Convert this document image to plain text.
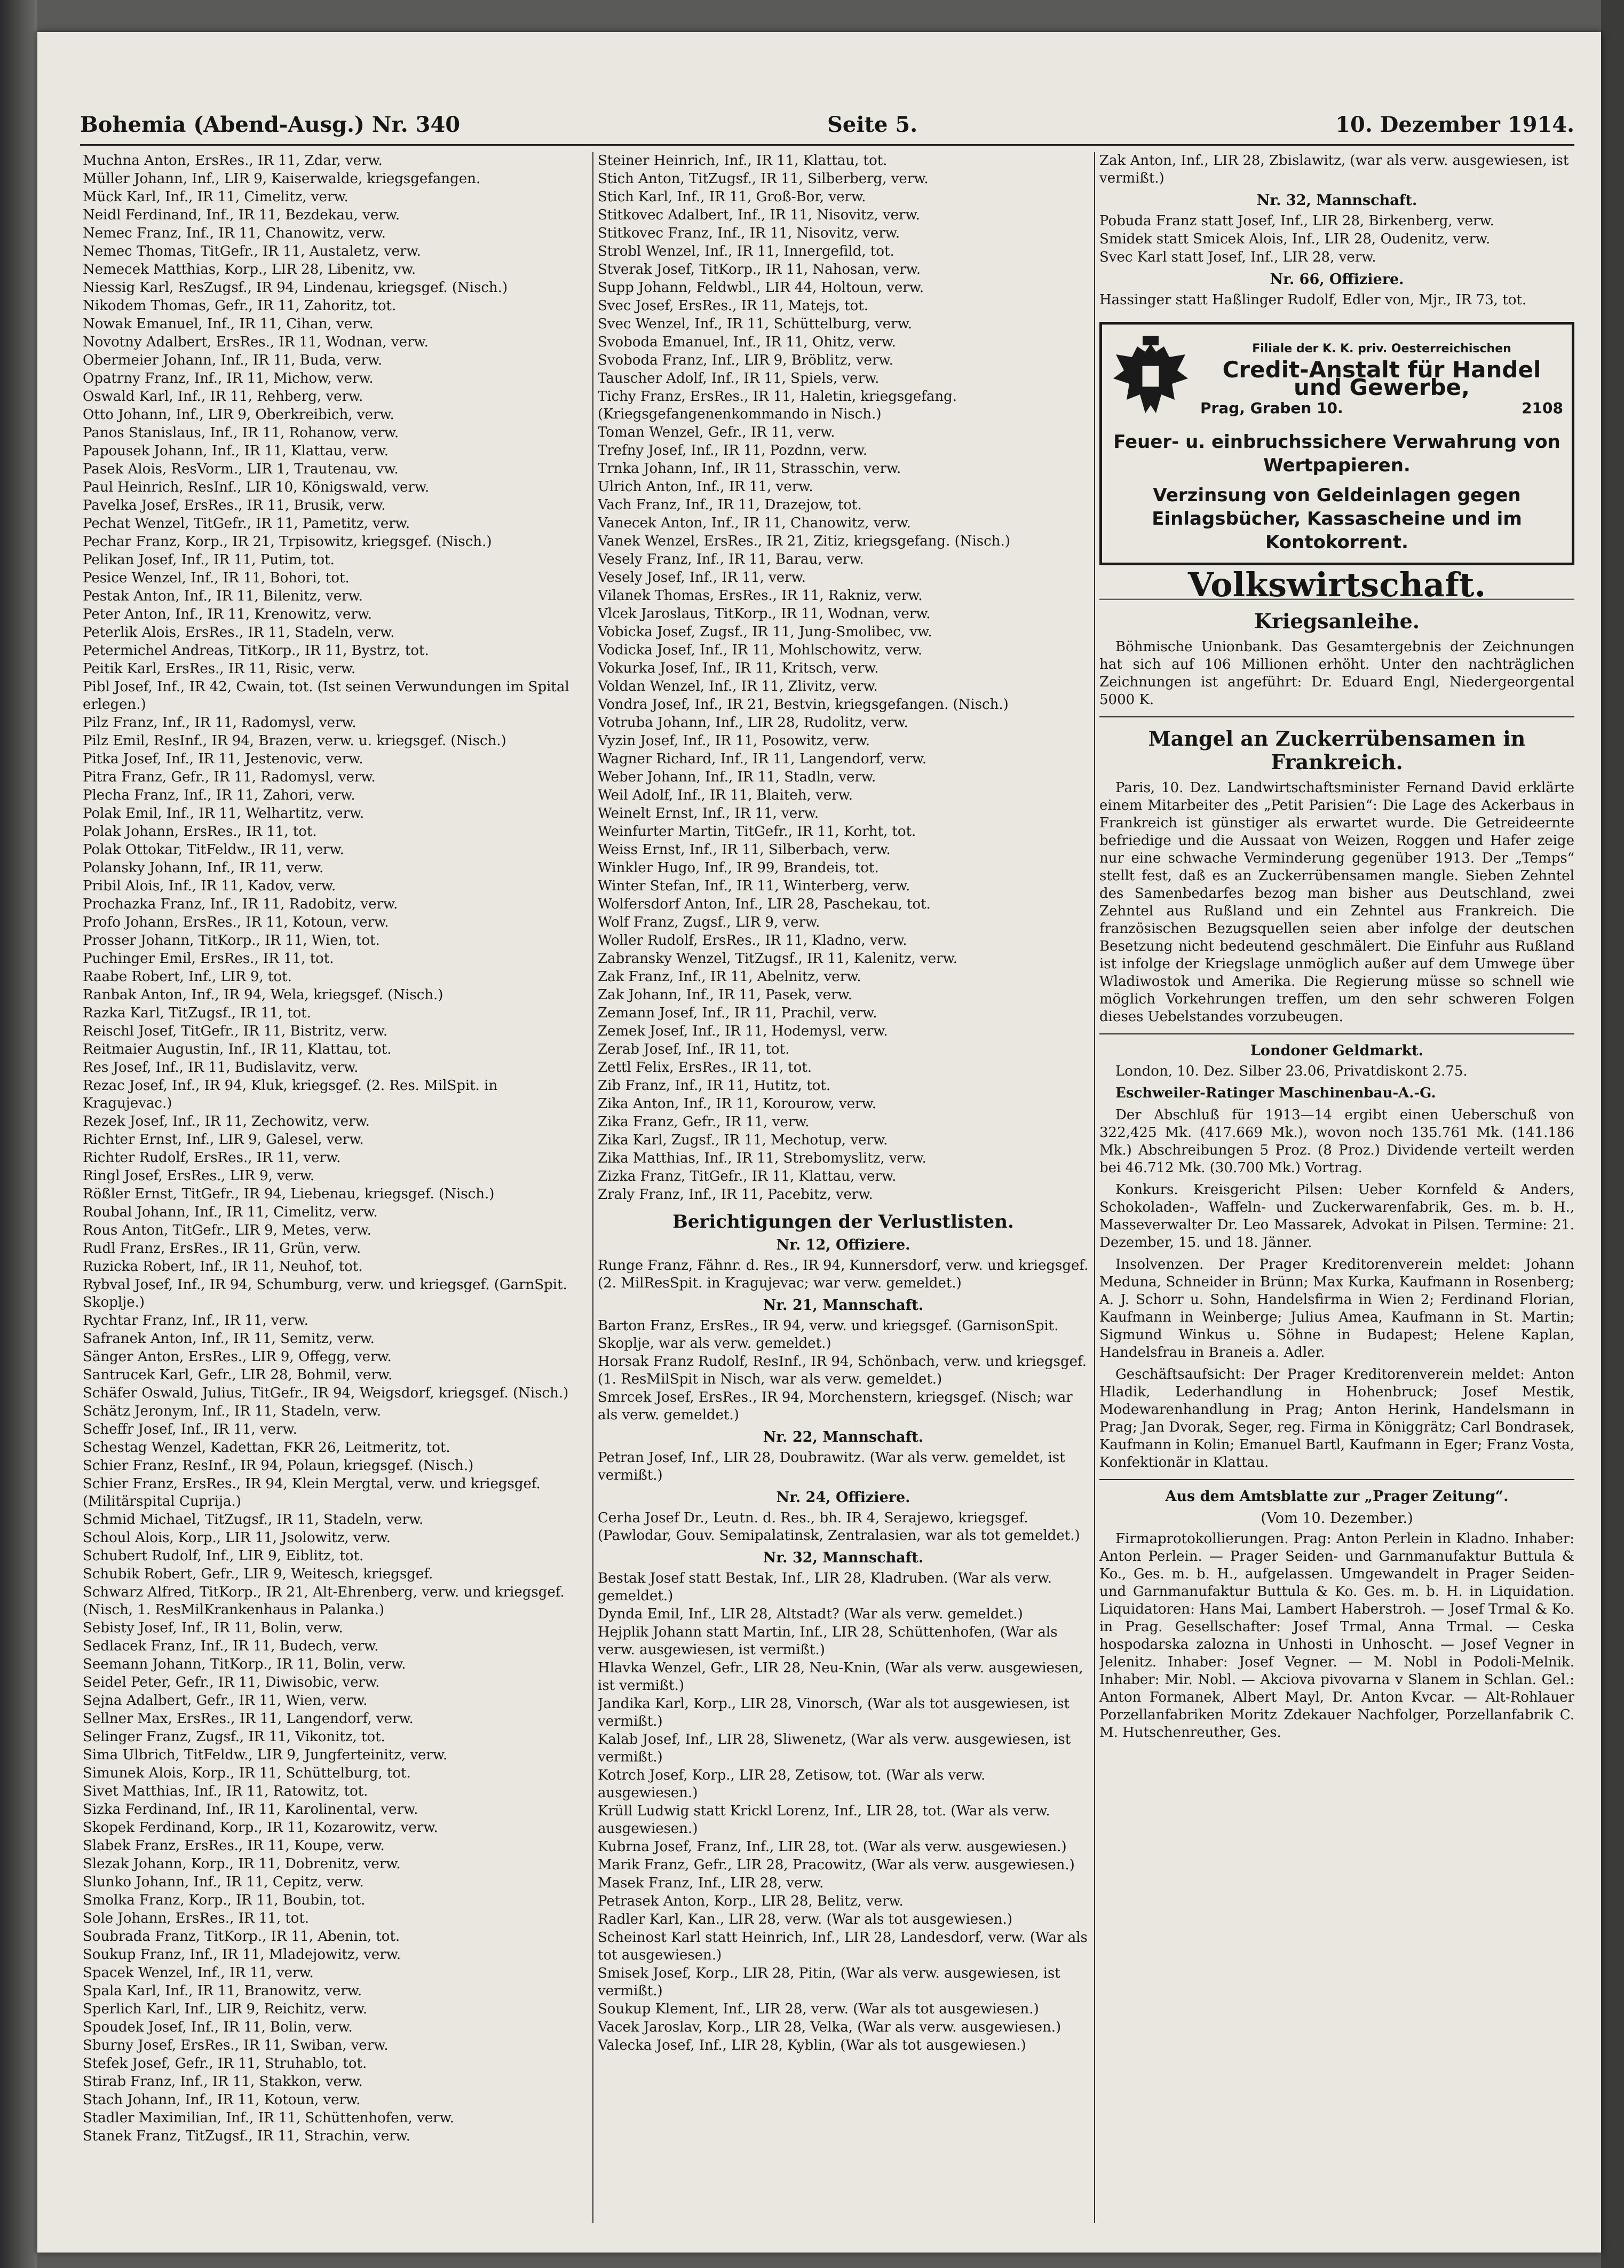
Bohemia (Abend-Ausg.) Nr. 340	Seite 5.	10. Dezember 1914.
Muchna Anton, ErsRes., IR 11, Zdar, verw.
Müller Johann, Inf., LIR 9, Kaiserwalde, kriegsgefangen.
Mück Karl, Inf., IR 11, Cimelitz, verw.
Neidl Ferdinand, Inf., IR 11, Bezdekau, verw.
Nemec Franz, Inf., IR 11, Chanowitz, verw.
Nemec Thomas, TitGefr., IR 11, Austaletz, verw.
Nemecek Matthias, Korp., LIR 28, Libenitz, vw.
Niessig Karl, ResZugsf., IR 94, Lindenau, kriegsgef. (Nisch.)
Nikodem Thomas, Gefr., IR 11, Zahoritz, tot.
Nowak Emanuel, Inf., IR 11, Cihan, verw.
Novotny Adalbert, ErsRes., IR 11, Wodnan, verw.
Obermeier Johann, Inf., IR 11, Buda, verw.
Opatrny Franz, Inf., IR 11, Michow, verw.
Oswald Karl, Inf., IR 11, Rehberg, verw.
Otto Johann, Inf., LIR 9, Oberkreibich, verw.
Panos Stanislaus, Inf., IR 11, Rohanow, verw.
Papousek Johann, Inf., IR 11, Klattau, verw.
Pasek Alois, ResVorm., LIR 1, Trautenau, vw.
Paul Heinrich, ResInf., LIR 10, Königswald, verw.
Pavelka Josef, ErsRes., IR 11, Brusik, verw.
Pechat Wenzel, TitGefr., IR 11, Pametitz, verw.
Pechar Franz, Korp., IR 21, Trpisowitz, kriegsgef. (Nisch.)
Pelikan Josef, Inf., IR 11, Putim, tot.
Pesice Wenzel, Inf., IR 11, Bohori, tot.
Pestak Anton, Inf., IR 11, Bilenitz, verw.
Peter Anton, Inf., IR 11, Krenowitz, verw.
Peterlik Alois, ErsRes., IR 11, Stadeln, verw.
Petermichel Andreas, TitKorp., IR 11, Bystrz, tot.
Peitik Karl, ErsRes., IR 11, Risic, verw.
Pibl Josef, Inf., IR 42, Cwain, tot. (Ist seinen Verwundungen im Spital erlegen.)
Pilz Franz, Inf., IR 11, Radomysl, verw.
Pilz Emil, ResInf., IR 94, Brazen, verw. u. kriegsgef. (Nisch.)
Pitka Josef, Inf., IR 11, Jestenovic, verw.
Pitra Franz, Gefr., IR 11, Radomysl, verw.
Plecha Franz, Inf., IR 11, Zahori, verw.
Polak Emil, Inf., IR 11, Welhartitz, verw.
Polak Johann, ErsRes., IR 11, tot.
Polak Ottokar, TitFeldw., IR 11, verw.
Polansky Johann, Inf., IR 11, verw.
Pribil Alois, Inf., IR 11, Kadov, verw.
Prochazka Franz, Inf., IR 11, Radobitz, verw.
Profo Johann, ErsRes., IR 11, Kotoun, verw.
Prosser Johann, TitKorp., IR 11, Wien, tot.
Puchinger Emil, ErsRes., IR 11, tot.
Raabe Robert, Inf., LIR 9, tot.
Ranbak Anton, Inf., IR 94, Wela, kriegsgef. (Nisch.)
Razka Karl, TitZugsf., IR 11, tot.
Reischl Josef, TitGefr., IR 11, Bistritz, verw.
Reitmaier Augustin, Inf., IR 11, Klattau, tot.
Res Josef, Inf., IR 11, Budislavitz, verw.
Rezac Josef, Inf., IR 94, Kluk, kriegsgef. (2. Res. MilSpit. in Kragujevac.)
Rezek Josef, Inf., IR 11, Zechowitz, verw.
Richter Ernst, Inf., LIR 9, Galesel, verw.
Richter Rudolf, ErsRes., IR 11, verw.
Ringl Josef, ErsRes., LIR 9, verw.
Rößler Ernst, TitGefr., IR 94, Liebenau, kriegsgef. (Nisch.)
Roubal Johann, Inf., IR 11, Cimelitz, verw.
Rous Anton, TitGefr., LIR 9, Metes, verw.
Rudl Franz, ErsRes., IR 11, Grün, verw.
Ruzicka Robert, Inf., IR 11, Neuhof, tot.
Rybval Josef, Inf., IR 94, Schumburg, verw. und kriegsgef. (GarnSpit. Skoplje.)
Rychtar Franz, Inf., IR 11, verw.
Safranek Anton, Inf., IR 11, Semitz, verw.
Sänger Anton, ErsRes., LIR 9, Offegg, verw.
Santrucek Karl, Gefr., LIR 28, Bohmil, verw.
Schäfer Oswald, Julius, TitGefr., IR 94, Weigsdorf, kriegsgef. (Nisch.)
Schätz Jeronym, Inf., IR 11, Stadeln, verw.
Scheffr Josef, Inf., IR 11, verw.
Schestag Wenzel, Kadettan, FKR 26, Leitmeritz, tot.
Schier Franz, ResInf., IR 94, Polaun, kriegsgef. (Nisch.)
Schier Franz, ErsRes., IR 94, Klein Mergtal, verw. und kriegsgef. (Militärspital Cuprija.)
Schmid Michael, TitZugsf., IR 11, Stadeln, verw.
Schoul Alois, Korp., LIR 11, Jsolowitz, verw.
Schubert Rudolf, Inf., LIR 9, Eiblitz, tot.
Schubik Robert, Gefr., LIR 9, Weitesch, kriegsgef.
Schwarz Alfred, TitKorp., IR 21, Alt-Ehrenberg, verw. und kriegsgef. (Nisch, 1. ResMilKrankenhaus in Palanka.)
Sebisty Josef, Inf., IR 11, Bolin, verw.
Sedlacek Franz, Inf., IR 11, Budech, verw.
Seemann Johann, TitKorp., IR 11, Bolin, verw.
Seidel Peter, Gefr., IR 11, Diwisobic, verw.
Sejna Adalbert, Gefr., IR 11, Wien, verw.
Sellner Max, ErsRes., IR 11, Langendorf, verw.
Selinger Franz, Zugsf., IR 11, Vikonitz, tot.
Sima Ulbrich, TitFeldw., LIR 9, Jungferteinitz, verw.
Simunek Alois, Korp., IR 11, Schüttelburg, tot.
Sivet Matthias, Inf., IR 11, Ratowitz, tot.
Sizka Ferdinand, Inf., IR 11, Karolinental, verw.
Skopek Ferdinand, Korp., IR 11, Kozarowitz, verw.
Slabek Franz, ErsRes., IR 11, Koupe, verw.
Slezak Johann, Korp., IR 11, Dobrenitz, verw.
Slunko Johann, Inf., IR 11, Cepitz, verw.
Smolka Franz, Korp., IR 11, Boubin, tot.
Sole Johann, ErsRes., IR 11, tot.
Soubrada Franz, TitKorp., IR 11, Abenin, tot.
Soukup Franz, Inf., IR 11, Mladejowitz, verw.
Spacek Wenzel, Inf., IR 11, verw.
Spala Karl, Inf., IR 11, Branowitz, verw.
Sperlich Karl, Inf., LIR 9, Reichitz, verw.
Spoudek Josef, Inf., IR 11, Bolin, verw.
Sburny Josef, ErsRes., IR 11, Swiban, verw.
Stefek Josef, Gefr., IR 11, Struhablo, tot.
Stirab Franz, Inf., IR 11, Stakkon, verw.
Stach Johann, Inf., IR 11, Kotoun, verw.
Stadler Maximilian, Inf., IR 11, Schüttenhofen, verw.
Stanek Franz, TitZugsf., IR 11, Strachin, verw.
Steiner Heinrich, Inf., IR 11, Klattau, tot.
Stich Anton, TitZugsf., IR 11, Silberberg, verw.
Stich Karl, Inf., IR 11, Groß-Bor, verw.
Stitkovec Adalbert, Inf., IR 11, Nisovitz, verw.
Stitkovec Franz, Inf., IR 11, Nisovitz, verw.
Strobl Wenzel, Inf., IR 11, Innergefild, tot.
Stverak Josef, TitKorp., IR 11, Nahosan, verw.
Supp Johann, Feldwbl., LIR 44, Holtoun, verw.
Svec Josef, ErsRes., IR 11, Matejs, tot.
Svec Wenzel, Inf., IR 11, Schüttelburg, verw.
Svoboda Emanuel, Inf., IR 11, Ohitz, verw.
Svoboda Franz, Inf., LIR 9, Bröblitz, verw.
Tauscher Adolf, Inf., IR 11, Spiels, verw.
Tichy Franz, ErsRes., IR 11, Haletin, kriegsgefang. (Kriegsgefangenenkommando in Nisch.)
Toman Wenzel, Gefr., IR 11, verw.
Trefny Josef, Inf., IR 11, Pozdnn, verw.
Trnka Johann, Inf., IR 11, Strasschin, verw.
Ulrich Anton, Inf., IR 11, verw.
Vach Franz, Inf., IR 11, Drazejow, tot.
Vanecek Anton, Inf., IR 11, Chanowitz, verw.
Vanek Wenzel, ErsRes., IR 21, Zitiz, kriegsgefang. (Nisch.)
Vesely Franz, Inf., IR 11, Barau, verw.
Vesely Josef, Inf., IR 11, verw.
Vilanek Thomas, ErsRes., IR 11, Rakniz, verw.
Vlcek Jaroslaus, TitKorp., IR 11, Wodnan, verw.
Vobicka Josef, Zugsf., IR 11, Jung-Smolibec, vw.
Vodicka Josef, Inf., IR 11, Mohlschowitz, verw.
Vokurka Josef, Inf., IR 11, Kritsch, verw.
Voldan Wenzel, Inf., IR 11, Zlivitz, verw.
Vondra Josef, Inf., IR 21, Bestvin, kriegsgefangen. (Nisch.)
Votruba Johann, Inf., LIR 28, Rudolitz, verw.
Vyzin Josef, Inf., IR 11, Posowitz, verw.
Wagner Richard, Inf., IR 11, Langendorf, verw.
Weber Johann, Inf., IR 11, Stadln, verw.
Weil Adolf, Inf., IR 11, Blaiteh, verw.
Weinelt Ernst, Inf., IR 11, verw.
Weinfurter Martin, TitGefr., IR 11, Korht, tot.
Weiss Ernst, Inf., IR 11, Silberbach, verw.
Winkler Hugo, Inf., IR 99, Brandeis, tot.
Winter Stefan, Inf., IR 11, Winterberg, verw.
Wolfersdorf Anton, Inf., LIR 28, Paschekau, tot.
Wolf Franz, Zugsf., LIR 9, verw.
Woller Rudolf, ErsRes., IR 11, Kladno, verw.
Zabransky Wenzel, TitZugsf., IR 11, Kalenitz, verw.
Zak Franz, Inf., IR 11, Abelnitz, verw.
Zak Johann, Inf., IR 11, Pasek, verw.
Zemann Josef, Inf., IR 11, Prachil, verw.
Zemek Josef, Inf., IR 11, Hodemysl, verw.
Zerab Josef, Inf., IR 11, tot.
Zettl Felix, ErsRes., IR 11, tot.
Zib Franz, Inf., IR 11, Hutitz, tot.
Zika Anton, Inf., IR 11, Korourow, verw.
Zika Franz, Gefr., IR 11, verw.
Zika Karl, Zugsf., IR 11, Mechotup, verw.
Zika Matthias, Inf., IR 11, Strebomyslitz, verw.
Zizka Franz, TitGefr., IR 11, Klattau, verw.
Zraly Franz, Inf., IR 11, Pacebitz, verw.
Berichtigungen der Verlustlisten.
Nr. 12, Offiziere.
Runge Franz, Fähnr. d. Res., IR 94, Kunnersdorf, verw. und kriegsgef. (2. MilResSpit. in Kragujevac; war verw. gemeldet.)
Nr. 21, Mannschaft.
Barton Franz, ErsRes., IR 94, verw. und kriegsgef. (GarnisonSpit. Skoplje, war als verw. gemeldet.)
Horsak Franz Rudolf, ResInf., IR 94, Schönbach, verw. und kriegsgef. (1. ResMilSpit in Nisch, war als verw. gemeldet.)
Smrcek Josef, ErsRes., IR 94, Morchenstern, kriegsgef. (Nisch; war als verw. gemeldet.)
Nr. 22, Mannschaft.
Petran Josef, Inf., LIR 28, Doubrawitz. (War als verw. gemeldet, ist vermißt.)
Nr. 24, Offiziere.
Cerha Josef Dr., Leutn. d. Res., bh. IR 4, Serajewo, kriegsgef. (Pawlodar, Gouv. Semipalatinsk, Zentralasien, war als tot gemeldet.)
Nr. 32, Mannschaft.
Bestak Josef statt Bestak, Inf., LIR 28, Kladruben. (War als verw. gemeldet.)
Dynda Emil, Inf., LIR 28, Altstadt? (War als verw. gemeldet.)
Hejplik Johann statt Martin, Inf., LIR 28, Schüttenhofen, (War als verw. ausgewiesen, ist vermißt.)
Hlavka Wenzel, Gefr., LIR 28, Neu-Knin, (War als verw. ausgewiesen, ist vermißt.)
Jandika Karl, Korp., LIR 28, Vinorsch, (War als tot ausgewiesen, ist vermißt.)
Kalab Josef, Inf., LIR 28, Sliwenetz, (War als verw. ausgewiesen, ist vermißt.)
Kotrch Josef, Korp., LIR 28, Zetisow, tot. (War als verw. ausgewiesen.)
Krüll Ludwig statt Krickl Lorenz, Inf., LIR 28, tot. (War als verw. ausgewiesen.)
Kubrna Josef, Franz, Inf., LIR 28, tot. (War als verw. ausgewiesen.)
Marik Franz, Gefr., LIR 28, Pracowitz, (War als verw. ausgewiesen.)
Masek Franz, Inf., LIR 28, verw.
Petrasek Anton, Korp., LIR 28, Belitz, verw.
Radler Karl, Kan., LIR 28, verw. (War als tot ausgewiesen.)
Scheinost Karl statt Heinrich, Inf., LIR 28, Landesdorf, verw. (War als tot ausgewiesen.)
Smisek Josef, Korp., LIR 28, Pitin, (War als verw. ausgewiesen, ist vermißt.)
Soukup Klement, Inf., LIR 28, verw. (War als tot ausgewiesen.)
Vacek Jaroslav, Korp., LIR 28, Velka, (War als verw. ausgewiesen.)
Valecka Josef, Inf., LIR 28, Kyblin, (War als tot ausgewiesen.)
Zak Anton, Inf., LIR 28, Zbislawitz, (war als verw. ausgewiesen, ist vermißt.)
Nr. 32, Mannschaft.
Pobuda Franz statt Josef, Inf., LIR 28, Birkenberg, verw.
Smidek statt Smicek Alois, Inf., LIR 28, Oudenitz, verw.
Svec Karl statt Josef, Inf., LIR 28, verw.
Nr. 66, Offiziere.
Hassinger statt Haßlinger Rudolf, Edler von, Mjr., IR 73, tot.
Filiale der K. K. priv. Oesterreichischen
Credit-Anstalt für Handel und Gewerbe,
Prag, Graben 10.	2108
Feuer- u. einbruchssichere Verwahrung von Wertpapieren.
Verzinsung von Geldeinlagen gegen Einlagsbücher, Kassascheine und im Kontokorrent.
Volkswirtschaft.
Kriegsanleihe.
Böhmische Unionbank. Das Gesamtergebnis der Zeichnungen hat sich auf 106 Millionen erhöht. Unter den nachträglichen Zeichnungen ist angeführt: Dr. Eduard Engl, Niedergeorgental 5000 K.
Mangel an Zuckerrübensamen in Frankreich.
Paris, 10. Dez. Landwirtschaftsminister Fernand David erklärte einem Mitarbeiter des „Petit Parisien“: Die Lage des Ackerbaus in Frankreich ist günstiger als erwartet wurde. Die Getreideernte befriedige und die Aussaat von Weizen, Roggen und Hafer zeige nur eine schwache Verminderung gegenüber 1913. Der „Temps“ stellt fest, daß es an Zuckerrübensamen mangle. Sieben Zehntel des Samenbedarfes bezog man bisher aus Deutschland, zwei Zehntel aus Rußland und ein Zehntel aus Frankreich. Die französischen Bezugsquellen seien aber infolge der deutschen Besetzung nicht bedeutend geschmälert. Die Einfuhr aus Rußland ist infolge der Kriegslage unmöglich außer auf dem Umwege über Wladiwostok und Amerika. Die Regierung müsse so schnell wie möglich Vorkehrungen treffen, um den sehr schweren Folgen dieses Uebelstandes vorzubeugen.
Londoner Geldmarkt.
London, 10. Dez. Silber 23.06, Privatdiskont 2.75.
Eschweiler-Ratinger Maschinenbau-A.-G.
Der Abschluß für 1913—14 ergibt einen Ueberschuß von 322,425 Mk. (417.669 Mk.), wovon noch 135.761 Mk. (141.186 Mk.) Abschreibungen 5 Proz. (8 Proz.) Dividende verteilt werden bei 46.712 Mk. (30.700 Mk.) Vortrag.
Konkurs. Kreisgericht Pilsen: Ueber Kornfeld & Anders, Schokoladen-, Waffeln- und Zuckerwarenfabrik, Ges. m. b. H., Masseverwalter Dr. Leo Massarek, Advokat in Pilsen. Termine: 21. Dezember, 15. und 18. Jänner.
Insolvenzen. Der Prager Kreditorenverein meldet: Johann Meduna, Schneider in Brünn; Max Kurka, Kaufmann in Rosenberg; A. J. Schorr u. Sohn, Handelsfirma in Wien 2; Ferdinand Florian, Kaufmann in Weinberge; Julius Amea, Kaufmann in St. Martin; Sigmund Winkus u. Söhne in Budapest; Helene Kaplan, Handelsfrau in Braneis a. Adler.
Geschäftsaufsicht: Der Prager Kreditorenverein meldet: Anton Hladik, Lederhandlung in Hohenbruck; Josef Mestik, Modewarenhandlung in Prag; Anton Herink, Handelsmann in Prag; Jan Dvorak, Seger, reg. Firma in Königgrätz; Carl Bondrasek, Kaufmann in Kolin; Emanuel Bartl, Kaufmann in Eger; Franz Vosta, Konfektionär in Klattau.
Aus dem Amtsblatte zur „Prager Zeitung“.
(Vom 10. Dezember.)
Firmaprotokollierungen. Prag: Anton Perlein in Kladno. Inhaber: Anton Perlein. — Prager Seiden- und Garnmanufaktur Buttula & Ko., Ges. m. b. H., aufgelassen. Umgewandelt in Prager Seiden- und Garnmanufaktur Buttula & Ko. Ges. m. b. H. in Liquidation. Liquidatoren: Hans Mai, Lambert Haberstroh. — Josef Trmal & Ko. in Prag. Gesellschafter: Josef Trmal, Anna Trmal. — Ceska hospodarska zalozna in Unhosti in Unhoscht. — Josef Vegner in Jelenitz. Inhaber: Josef Vegner. — M. Nobl in Podoli-Melnik. Inhaber: Mir. Nobl. — Akciova pivovarna v Slanem in Schlan. Gel.: Anton Formanek, Albert Mayl, Dr. Anton Kvcar. — Alt-Rohlauer Porzellanfabriken Moritz Zdekauer Nachfolger, Porzellanfabrik C. M. Hutschenreuther, Ges.
